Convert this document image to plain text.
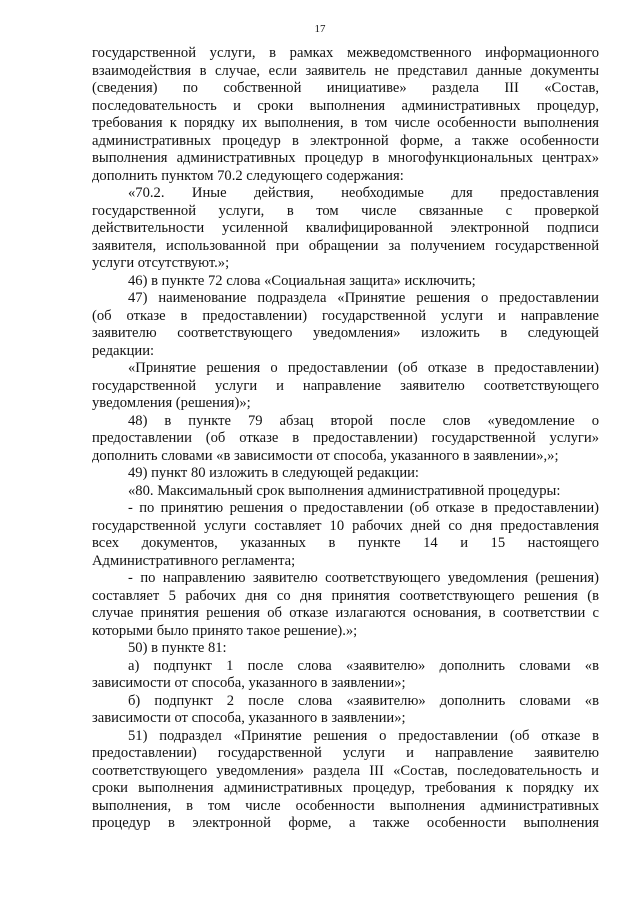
17
государственной услуги, в рамках межведомственного информационного
взаимодействия в случае, если заявитель не представил данные документы
(сведения) по собственной инициативе» раздела III «Состав,
последовательность и сроки выполнения административных процедур,
требования к порядку их выполнения, в том числе особенности выполнения
административных процедур в электронной форме, а также особенности
выполнения административных процедур в многофункциональных центрах»
дополнить пунктом 70.2 следующего содержания:
«70.2. Иные действия, необходимые для предоставления
государственной услуги, в том числе связанные с проверкой
действительности усиленной квалифицированной электронной подписи
заявителя, использованной при обращении за получением государственной
услуги отсутствуют.»;
46) в пункте 72 слова «Социальная защита» исключить;
47) наименование подраздела «Принятие решения о предоставлении
(об отказе в предоставлении) государственной услуги и направление
заявителю соответствующего уведомления» изложить в следующей
редакции:
«Принятие решения о предоставлении (об отказе в предоставлении)
государственной услуги и направление заявителю соответствующего
уведомления (решения)»;
48) в пункте 79 абзац второй после слов «уведомление о
предоставлении (об отказе в предоставлении) государственной услуги»
дополнить словами «в зависимости от способа, указанного в заявлении»,»;
49) пункт 80 изложить в следующей редакции:
«80. Максимальный срок выполнения административной процедуры:
- по принятию решения о предоставлении (об отказе в предоставлении)
государственной услуги составляет 10 рабочих дней со дня предоставления
всех документов, указанных в пункте 14 и 15 настоящего
Административного регламента;
- по направлению заявителю соответствующего уведомления (решения)
составляет 5 рабочих дня со дня принятия соответствующего решения (в
случае принятия решения об отказе излагаются основания, в соответствии с
которыми было принято такое решение).»;
50) в пункте 81:
а) подпункт 1 после слова «заявителю» дополнить словами «в
зависимости от способа, указанного в заявлении»;
б) подпункт 2 после слова «заявителю» дополнить словами «в
зависимости от способа, указанного в заявлении»;
51) подраздел «Принятие решения о предоставлении (об отказе в
предоставлении) государственной услуги и направление заявителю
соответствующего уведомления» раздела III «Состав, последовательность и
сроки выполнения административных процедур, требования к порядку их
выполнения, в том числе особенности выполнения административных
процедур в электронной форме, а также особенности выполнения
